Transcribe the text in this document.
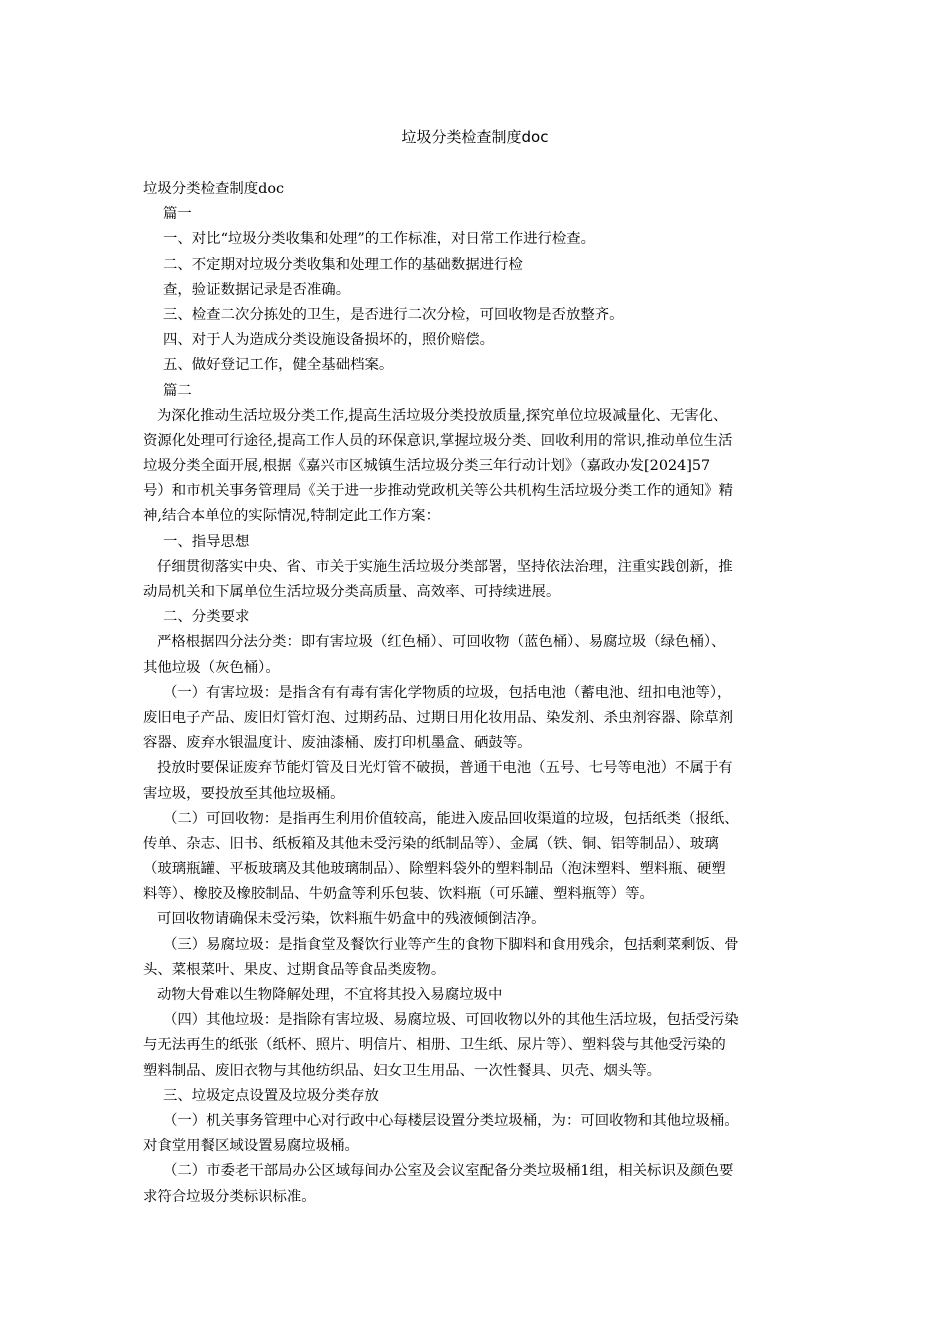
垃圾分类检查制度doc
垃圾分类检查制度doc
篇一
一、对比“垃圾分类收集和处理”的工作标准，对日常工作进行检查。
二、不定期对垃圾分类收集和处理工作的基础数据进行检
查，验证数据记录是否准确。
三、检查二次分拣处的卫生，是否进行二次分检，可回收物是否放整齐。
四、对于人为造成分类设施设备损坏的，照价赔偿。
五、做好登记工作，健全基础档案。
篇二
为深化推动生活垃圾分类工作,提高生活垃圾分类投放质量,探究单位垃圾减量化、无害化、
资源化处理可行途径,提高工作人员的环保意识,掌握垃圾分类、回收利用的常识,推动单位生活
垃圾分类全面开展,根据《嘉兴市区城镇生活垃圾分类三年行动计划》（嘉政办发[2024]57
号）和市机关事务管理局《关于进一步推动党政机关等公共机构生活垃圾分类工作的通知》精
神,结合本单位的实际情况,特制定此工作方案：
一、指导思想
仔细贯彻落实中央、省、市关于实施生活垃圾分类部署，坚持依法治理，注重实践创新，推
动局机关和下属单位生活垃圾分类高质量、高效率、可持续进展。
二、分类要求
严格根据四分法分类：即有害垃圾（红色桶）、可回收物（蓝色桶）、易腐垃圾（绿色桶）、
其他垃圾（灰色桶）。
（一）有害垃圾：是指含有有毒有害化学物质的垃圾，包括电池（蓄电池、纽扣电池等），
废旧电子产品、废旧灯管灯泡、过期药品、过期日用化妆用品、染发剂、杀虫剂容器、除草剂
容器、废弃水银温度计、废油漆桶、废打印机墨盒、硒鼓等。
投放时要保证废弃节能灯管及日光灯管不破损，普通干电池（五号、七号等电池）不属于有
害垃圾，要投放至其他垃圾桶。
（二）可回收物：是指再生利用价值较高，能进入废品回收渠道的垃圾，包括纸类（报纸、
传单、杂志、旧书、纸板箱及其他未受污染的纸制品等）、金属（铁、铜、铝等制品）、玻璃
（玻璃瓶罐、平板玻璃及其他玻璃制品）、除塑料袋外的塑料制品（泡沫塑料、塑料瓶、硬塑
料等）、橡胶及橡胶制品、牛奶盒等利乐包装、饮料瓶（可乐罐、塑料瓶等）等。
可回收物请确保未受污染，饮料瓶牛奶盒中的残液倾倒洁净。
（三）易腐垃圾：是指食堂及餐饮行业等产生的食物下脚料和食用残余，包括剩菜剩饭、骨
头、菜根菜叶、果皮、过期食品等食品类废物。
动物大骨难以生物降解处理，不宜将其投入易腐垃圾中
（四）其他垃圾：是指除有害垃圾、易腐垃圾、可回收物以外的其他生活垃圾，包括受污染
与无法再生的纸张（纸杯、照片、明信片、相册、卫生纸、尿片等）、塑料袋与其他受污染的
塑料制品、废旧衣物与其他纺织品、妇女卫生用品、一次性餐具、贝壳、烟头等。
三、垃圾定点设置及垃圾分类存放
（一）机关事务管理中心对行政中心每楼层设置分类垃圾桶，为：可回收物和其他垃圾桶。
对食堂用餐区域设置易腐垃圾桶。
（二）市委老干部局办公区域每间办公室及会议室配备分类垃圾桶1组，相关标识及颜色要
求符合垃圾分类标识标准。
